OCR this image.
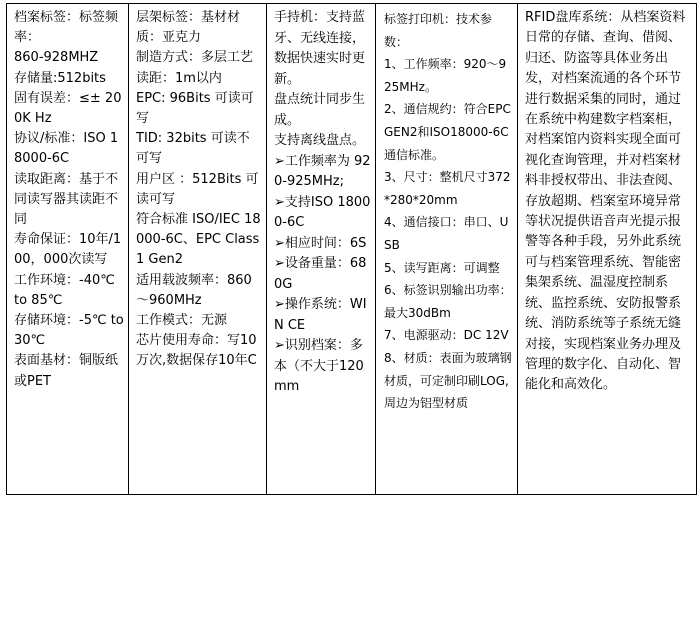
档案标签：标签频率：
860-928MHZ
存储量:512bits
固有误差：≤± 200K Hz
协议/标准：ISO 18000-6C
读取距离：基于不同读写器其读距不同
寿命保证：10年/100，000次读写
工作环境：-40℃ to 85℃
存储环境：-5℃ to 30℃
表面基材：铜版纸或PET

层架标签：基材材质：亚克力
制造方式：多层工艺
读距：1m以内
EPC: 96Bits 可读可写
TID: 32bits 可读不可写
用户区 ：512Bits 可读可写
符合标准 ISO/IEC 18000-6C、EPC Class1 Gen2
适用载波频率：860～960MHz
工作模式：无源
芯片使用寿命：写10万次,数据保存10年C

手持机：支持蓝牙、无线连接，数据快速实时更新。
盘点统计同步生成。
支持离线盘点。
➢工作频率为 920-925MHz;
➢支持ISO 18000-6C
➢相应时间：6S
➢设备重量：680G
➢操作系统：WIN CE
➢识别档案：多本（不大于120mm

标签打印机：技术参数：
1、工作频率：920～925MHz。
2、通信规约：符合EPC GEN2和ISO18000-6C通信标准。
3、尺寸：整机尺寸372*280*20mm
4、通信接口：串口、USB
5、读写距离：可调整
6、标签识别输出功率：最大30dBm
7、电源驱动：DC 12V
8、材质：表面为玻璃钢材质，可定制印刷LOG,周边为铝型材质

RFID盘库系统：从档案资料日常的存储、查询、借阅、归还、防盗等具体业务出发，对档案流通的各个环节进行数据采集的同时，通过在系统中构建数字档案柜，对档案馆内资料实现全面可视化查询管理，并对档案材料非授权带出、非法查阅、存放超期、档案室环境异常等状况提供语音声光提示报警等各种手段，另外此系统可与档案管理系统、智能密集架系统、温湿度控制系统、监控系统、安防报警系统、消防系统等子系统无缝对接，实现档案业务办理及管理的数字化、自动化、智能化和高效化。
